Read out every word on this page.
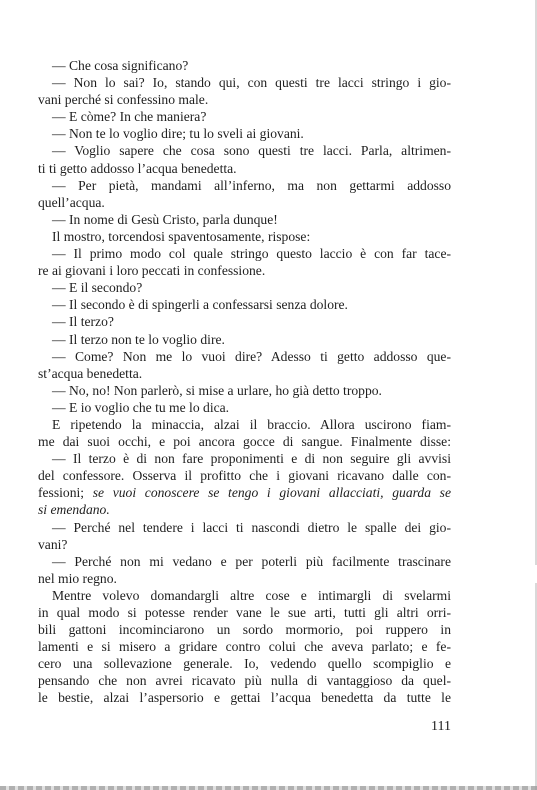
— Che cosa significano?
— Non lo sai? Io, stando qui, con questi tre lacci stringo i gio-
vani perché si confessino male.
— E còme? In che maniera?
— Non te lo voglio dire; tu lo sveli ai giovani.
— Voglio sapere che cosa sono questi tre lacci. Parla, altrimen-
ti ti getto addosso l’acqua benedetta.
— Per pietà, mandami all’inferno, ma non gettarmi addosso
quell’acqua.
— In nome di Gesù Cristo, parla dunque!
Il mostro, torcendosi spaventosamente, rispose:
— Il primo modo col quale stringo questo laccio è con far tace-
re ai giovani i loro peccati in confessione.
— E il secondo?
— Il secondo è di spingerli a confessarsi senza dolore.
— Il terzo?
— Il terzo non te lo voglio dire.
— Come? Non me lo vuoi dire? Adesso ti getto addosso que-
st’acqua benedetta.
— No, no! Non parlerò, si mise a urlare, ho già detto troppo.
— E io voglio che tu me lo dica.
E ripetendo la minaccia, alzai il braccio. Allora uscirono fiam-
me dai suoi occhi, e poi ancora gocce di sangue. Finalmente disse:
— Il terzo è di non fare proponimenti e di non seguire gli avvisi
del confessore. Osserva il profitto che i giovani ricavano dalle con-
fessioni; se vuoi conoscere se tengo i giovani allacciati, guarda se
si emendano.
— Perché nel tendere i lacci ti nascondi dietro le spalle dei gio-
vani?
— Perché non mi vedano e per poterli più facilmente trascinare
nel mio regno.
Mentre volevo domandargli altre cose e intimargli di svelarmi
in qual modo si potesse render vane le sue arti, tutti gli altri orri-
bili gattoni incominciarono un sordo mormorio, poi ruppero in
lamenti e si misero a gridare contro colui che aveva parlato; e fe-
cero una sollevazione generale. Io, vedendo quello scompiglio e
pensando che non avrei ricavato più nulla di vantaggioso da quel-
le bestie, alzai l’aspersorio e gettai l’acqua benedetta da tutte le
111
